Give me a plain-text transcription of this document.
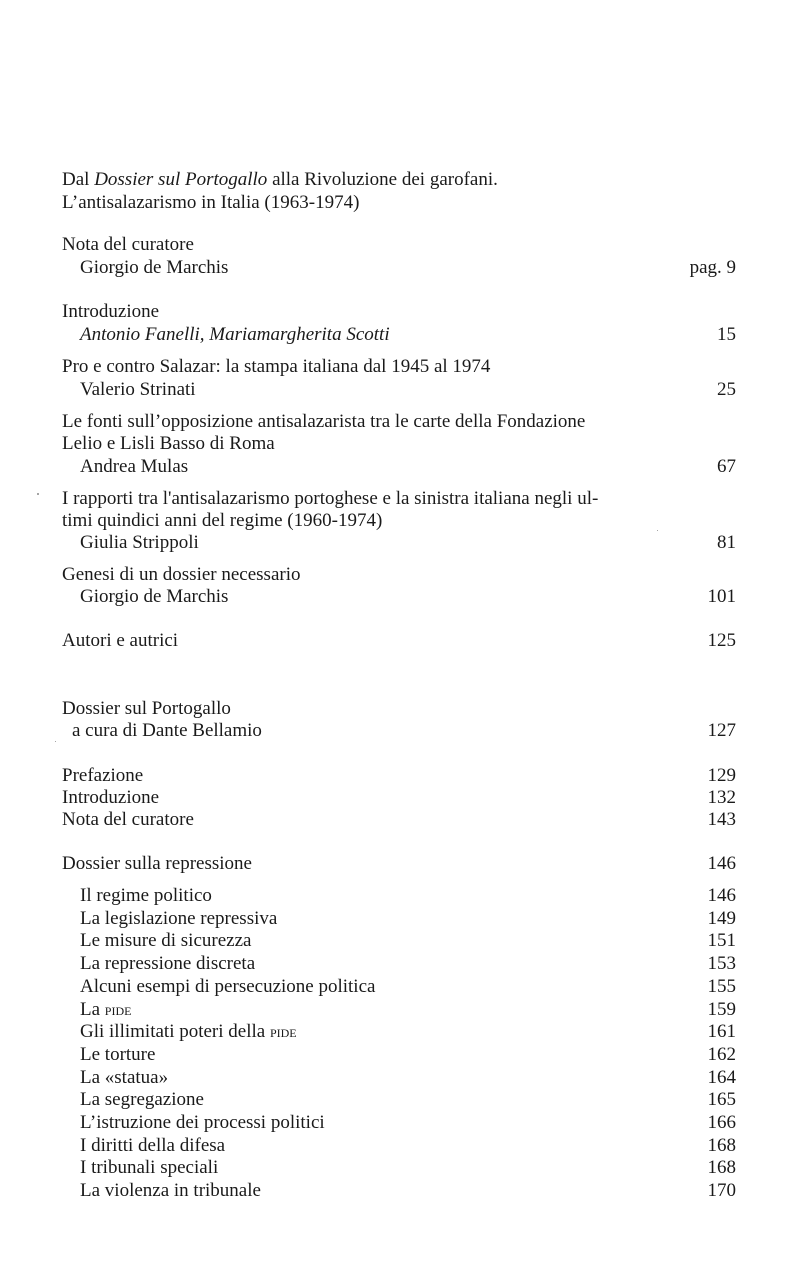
Dal Dossier sul Portogallo alla Rivoluzione dei garofani.
L’antisalazarismo in Italia (1963-1974)
Nota del curatore
Giorgio de Marchis	pag. 9
Introduzione
Antonio Fanelli, Mariamargherita Scotti	15
Pro e contro Salazar: la stampa italiana dal 1945 al 1974
Valerio Strinati	25
Le fonti sull’opposizione antisalazarista tra le carte della Fondazione
Lelio e Lisli Basso di Roma
Andrea Mulas	67
I rapporti tra l'antisalazarismo portoghese e la sinistra italiana negli ul-
timi quindici anni del regime (1960-1974)
Giulia Strippoli	81
Genesi di un dossier necessario
Giorgio de Marchis	101
Autori e autrici	125
Dossier sul Portogallo
a cura di Dante Bellamio	127
Prefazione	129
Introduzione	132
Nota del curatore	143
Dossier sulla repressione	146
Il regime politico	146
La legislazione repressiva	149
Le misure di sicurezza	151
La repressione discreta	153
Alcuni esempi di persecuzione politica	155
La pide	159
Gli illimitati poteri della pide	161
Le torture	162
La «statua»	164
La segregazione	165
L’istruzione dei processi politici	166
I diritti della difesa	168
I tribunali speciali	168
La violenza in tribunale	170
